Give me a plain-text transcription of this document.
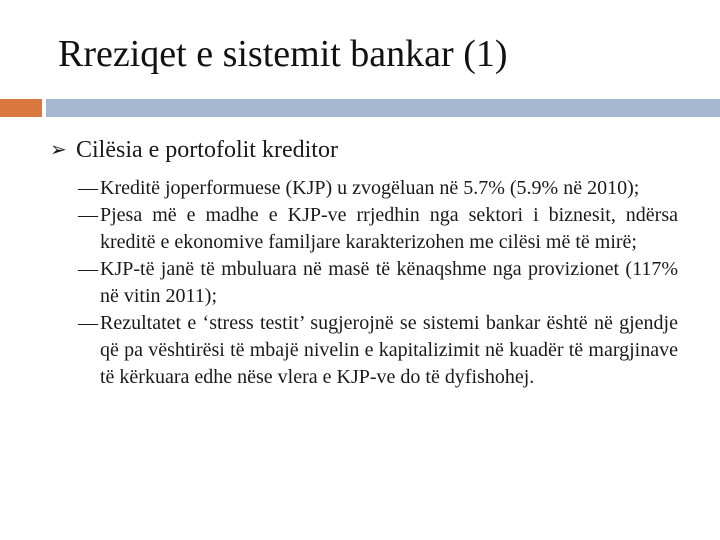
Rreziqet e sistemit bankar (1)
➢ Cilësia e portofolit kreditor
— Kreditë joperformuese (KJP) u zvogëluan në 5.7% (5.9% në 2010);
— Pjesa më e madhe e KJP-ve rrjedhin nga sektori i biznesit, ndërsa kreditë e ekonomive familjare karakterizohen me cilësi më të mirë;
— KJP-të janë të mbuluara në masë të kënaqshme nga provizionet (117% në vitin 2011);
— Rezultatet e ‘stress testit’ sugjerojnë se sistemi bankar është në gjendje që pa vështirësi të mbajë nivelin e kapitalizimit në kuadër të margjinave të kërkuara edhe nëse vlera e KJP-ve do të dyfishohej.
